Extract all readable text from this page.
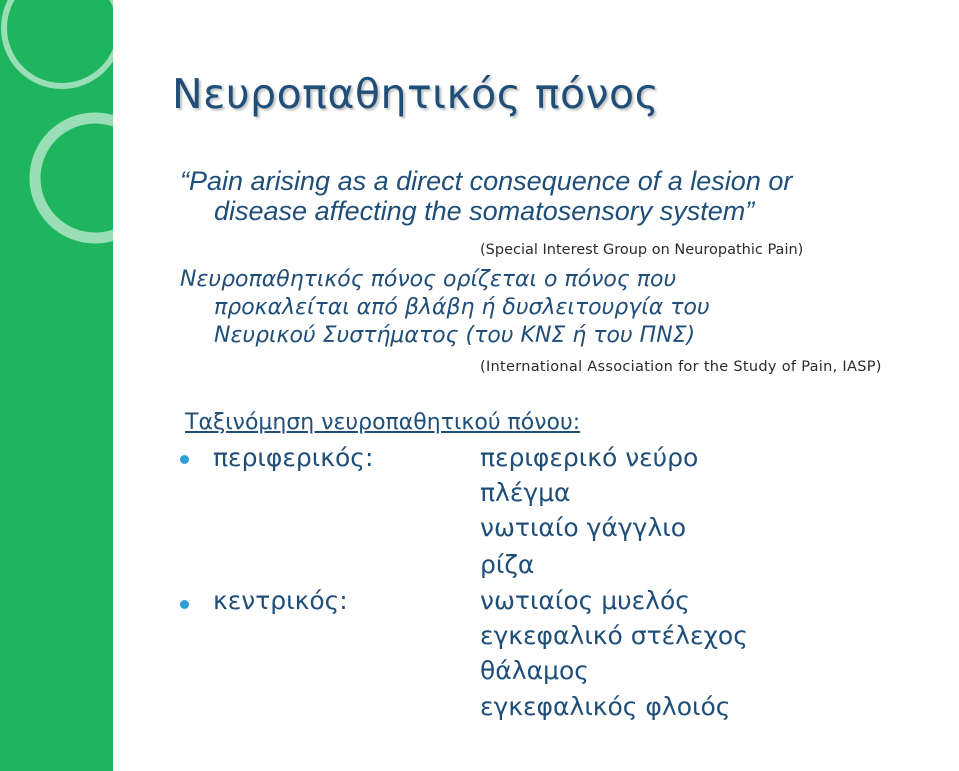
Νευροπαθητικός πόνος
“Pain arising as a direct consequence of a lesion or
disease affecting the somatosensory system”
(Special Interest Group on Neuropathic Pain)
Νευροπαθητικός πόνος ορίζεται ο πόνος που
προκαλείται από βλάβη ή δυσλειτουργία του
Νευρικού Συστήματος (του ΚΝΣ ή του ΠΝΣ)
(International Association for the Study of Pain, IASP)
Ταξινόμηση νευροπαθητικού πόνου:
περιφερικός:	περιφερικό νεύρο
πλέγμα
νωτιαίο γάγγλιο
ρίζα
κεντρικός:	νωτιαίος μυελός
εγκεφαλικό στέλεχος
θάλαμος
εγκεφαλικός φλοιός
